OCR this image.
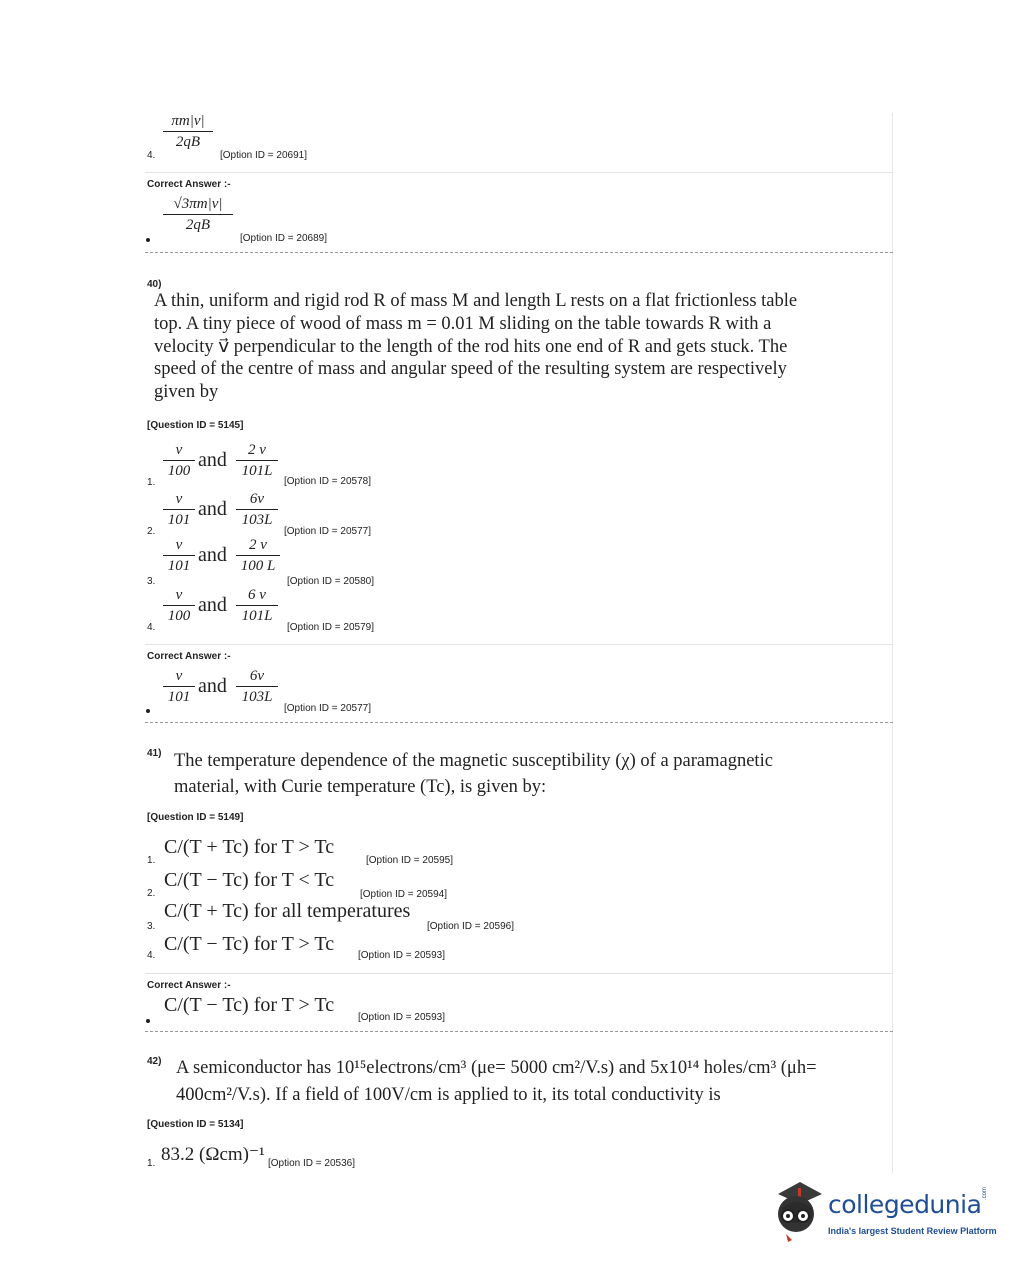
$\frac{\pi m|v|}{2qB}$
4.	[Option ID = 20691]
Correct Answer :-
$\frac{√3\pi m|v|}{2qB}$
[Option ID = 20689]
40)
A thin, uniform and rigid rod R of mass M and length L rests on a flat frictionless table
top. A tiny piece of wood of mass m = 0.01 M sliding on the table towards R with a
velocity v⃗ perpendicular to the length of the rod hits one end of R and gets stuck. The
speed of the centre of mass and angular speed of the resulting system are respectively
given by
[Question ID = 5145]
1.
$\frac{v}{100}$ and $\frac{2 v}{101L}$
[Option ID = 20578]
2.
$\frac{v}{101}$ and $\frac{6v}{103L}$
[Option ID = 20577]
3.
$\frac{v}{101}$ and $\frac{2 v}{100 L}$
[Option ID = 20580]
4.
$\frac{v}{100}$ and $\frac{6 v}{101L}$
[Option ID = 20579]
Correct Answer :-
$\frac{v}{101}$ and $\frac{6v}{103L}$
[Option ID = 20577]
41) The temperature dependence of the magnetic susceptibility (χ) of a paramagnetic
material, with Curie temperature (Tc), is given by:
[Question ID = 5149]
1.
C/(T + Tc) for T > Tc
[Option ID = 20595]
2.
C/(T − Tc) for T < Tc
[Option ID = 20594]
C/(T + Tc) for all temperatures
3.	[Option ID = 20596]
4.
C/(T − Tc) for T > Tc
[Option ID = 20593]
Correct Answer :-
C/(T − Tc) for T > Tc
[Option ID = 20593]
42) A semiconductor has 10¹⁵electrons/cm³ (μe= 5000 cm²/V.s) and 5x10¹⁴ holes/cm³ (μh=
400cm²/V.s). If a field of 100V/cm is applied to it, its total conductivity is
[Question ID = 5134]
1. 83.2 (Ωcm)⁻¹ [Option ID = 20536]
collegedunia .com
India's largest Student Review Platform
